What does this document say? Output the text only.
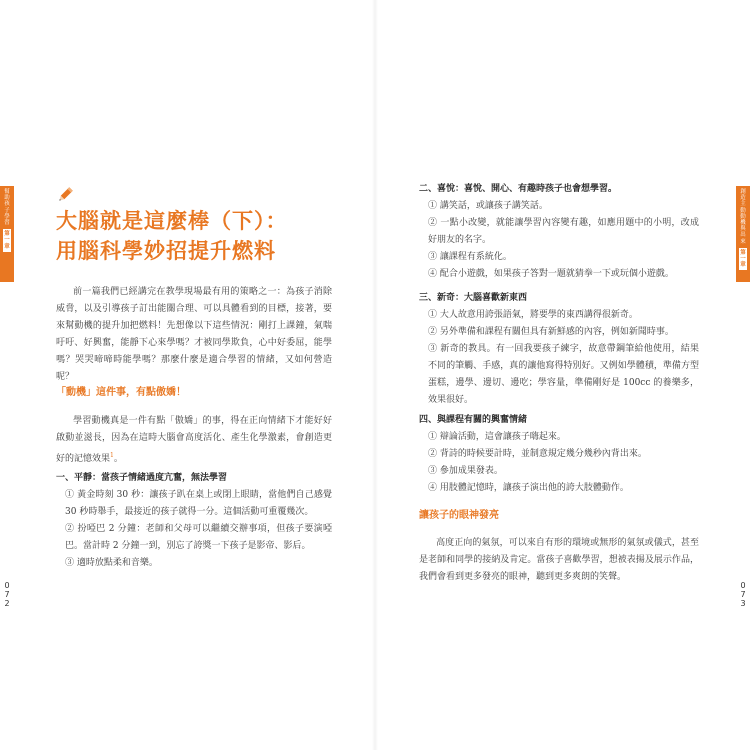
幫助孩子學習
第一章
072
大腦就是這麼棒（下）：
用腦科學妙招提升燃料

前一篇我們已經講完在教學現場最有用的策略之一：為孩子消除威脅，以及引導孩子訂出能關合理、可以具體看到的目標，接著，要來幫動機的提升加把燃料！先想像以下這些情況：剛打上課鐘，氣喘吁吁、好興奮，能靜下心來學嗎？才被同學欺負，心中好委屈，能學嗎？哭哭啼啼時能學嗎？那麼什麼是適合學習的情緒，又如何營造呢？

「動機」這件事，有點傲嬌！

學習動機真是一件有點「傲嬌」的事，得在正向情緒下才能好好啟動並滋長，因為在這時大腦會高度活化、產生化學激素，會創造更好的記憶效果$^1$。

一、平靜：當孩子情緒過度亢奮，無法學習

① 黃金時刻 30 秒：讓孩子趴在桌上或閉上眼睛，當他們自己感覺 30 秒時舉手，最接近的孩子就得一分。這個活動可重覆幾次。

② 扮啞巴 2 分鐘：老師和父母可以繼續交辦事項，但孩子要演啞巴。當計時 2 分鐘一到，別忘了誇獎一下孩子是影帝、影后。

③ 適時放點柔和音樂。

創造主動動機與出來
第一章
073

二、喜悅：喜悅、開心、有趣時孩子也會想學習。

① 講笑話，或讓孩子講笑話。

② 一點小改變，就能讓學習內容變有趣，如應用題中的小明，改成好朋友的名字。

③ 讓課程有系統化。

④ 配合小遊戲，如果孩子答對一題就猜拳一下或玩個小遊戲。

三、新奇：大腦喜歡新東西

① 大人故意用誇張語氣，將要學的東西講得很新奇。

② 另外準備和課程有關但具有新鮮感的內容，例如新聞時事。

③ 新奇的教具。有一回我要孩子練字，故意帶鋼筆給他使用，結果不同的筆觸、手感，真的讓他寫得特別好。又例如學體積，準備方型蛋糕，邊學、邊切、邊吃；學容量，準備剛好是 100cc 的養樂多，效果很好。

四、與課程有關的興奮情緒

① 辯論活動，這會讓孩子嗨起來。

② 背詩的時候要計時，並制意規定幾分幾秒內背出來。

③ 參加成果發表。

④ 用肢體記憶時，讓孩子演出他的誇大肢體動作。

讓孩子的眼神發亮

高度正向的氣氛，可以來自有形的環境或無形的氣氛或儀式，甚至是老師和同學的接納及肯定。當孩子喜歡學習，想被表揚及展示作品，我們會看到更多發亮的眼神，聽到更多爽朗的笑聲。
